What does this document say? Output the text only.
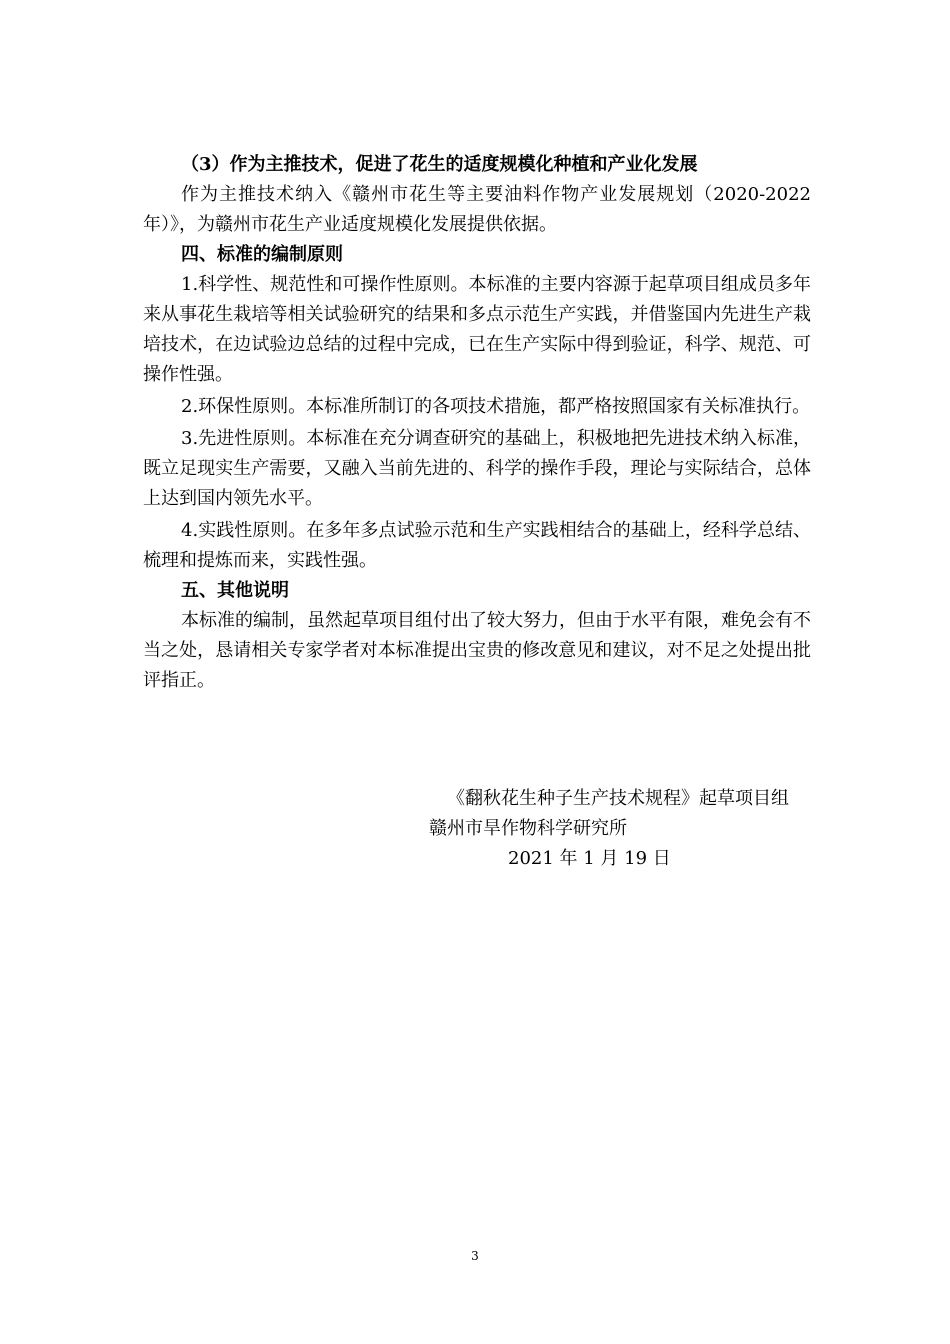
（3）作为主推技术，促进了花生的适度规模化种植和产业化发展

作为主推技术纳入《赣州市花生等主要油料作物产业发展规划（2020-2022年）》，为赣州市花生产业适度规模化发展提供依据。

四、标准的编制原则

1.科学性、规范性和可操作性原则。本标准的主要内容源于起草项目组成员多年来从事花生栽培等相关试验研究的结果和多点示范生产实践，并借鉴国内先进生产栽培技术，在边试验边总结的过程中完成，已在生产实际中得到验证，科学、规范、可操作性强。

2.环保性原则。本标准所制订的各项技术措施，都严格按照国家有关标准执行。

3.先进性原则。本标准在充分调查研究的基础上，积极地把先进技术纳入标准，既立足现实生产需要，又融入当前先进的、科学的操作手段，理论与实际结合，总体上达到国内领先水平。

4.实践性原则。在多年多点试验示范和生产实践相结合的基础上，经科学总结、梳理和提炼而来，实践性强。

五、其他说明

本标准的编制，虽然起草项目组付出了较大努力，但由于水平有限，难免会有不当之处，恳请相关专家学者对本标准提出宝贵的修改意见和建议，对不足之处提出批评指正。

《翻秋花生种子生产技术规程》起草项目组
赣州市旱作物科学研究所
2021 年 1 月 19 日
3
